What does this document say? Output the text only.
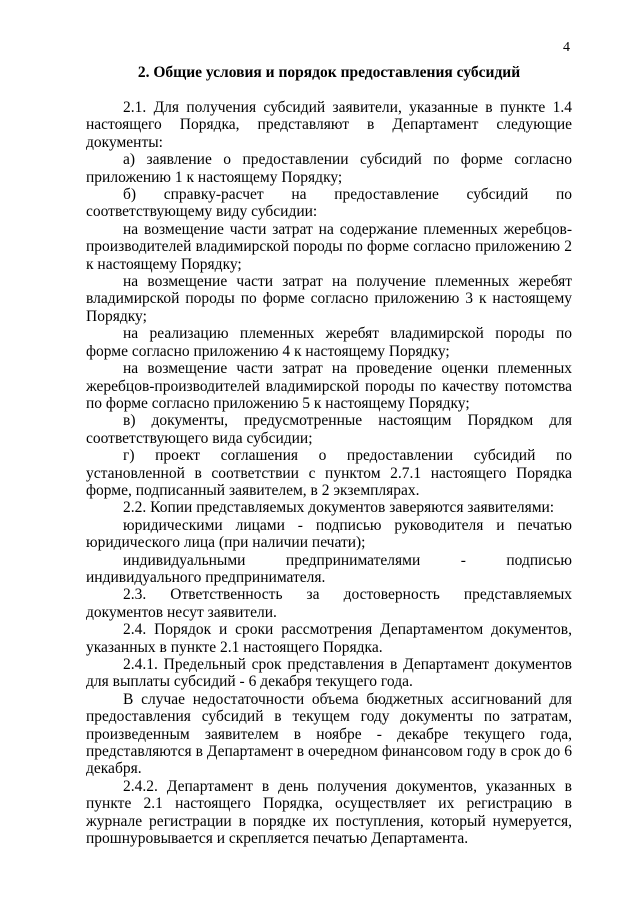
4
2. Общие условия и порядок предоставления субсидий

2.1. Для получения субсидий заявители, указанные в пункте 1.4 настоящего Порядка, представляют в Департамент следующие документы:

а) заявление о предоставлении субсидий по форме согласно приложению 1 к настоящему Порядку;

б) справку-расчет на предоставление субсидий по соответствующему виду субсидии:

на возмещение части затрат на содержание племенных жеребцов-производителей владимирской породы по форме согласно приложению 2 к настоящему Порядку;

на возмещение части затрат на получение племенных жеребят владимирской породы по форме согласно приложению 3 к настоящему Порядку;

на реализацию племенных жеребят владимирской породы по форме согласно приложению 4 к настоящему Порядку;

на возмещение части затрат на проведение оценки племенных жеребцов-производителей владимирской породы по качеству потомства по форме согласно приложению 5 к настоящему Порядку;

в) документы, предусмотренные настоящим Порядком для соответствующего вида субсидии;

г) проект соглашения о предоставлении субсидий по установленной в соответствии с пунктом 2.7.1 настоящего Порядка форме, подписанный заявителем, в 2 экземплярах.

2.2. Копии представляемых документов заверяются заявителями:

юридическими лицами - подписью руководителя и печатью юридического лица (при наличии печати);

индивидуальными предпринимателями - подписью индивидуального предпринимателя.

2.3. Ответственность за достоверность представляемых документов несут заявители.

2.4. Порядок и сроки рассмотрения Департаментом документов, указанных в пункте 2.1 настоящего Порядка.

2.4.1. Предельный срок представления в Департамент документов для выплаты субсидий - 6 декабря текущего года.

В случае недостаточности объема бюджетных ассигнований для предоставления субсидий в текущем году документы по затратам, произведенным заявителем в ноябре - декабре текущего года, представляются в Департамент в очередном финансовом году в срок до 6 декабря.

2.4.2. Департамент в день получения документов, указанных в пункте 2.1 настоящего Порядка, осуществляет их регистрацию в журнале регистрации в порядке их поступления, который нумеруется, прошнуровывается и скрепляется печатью Департамента.
